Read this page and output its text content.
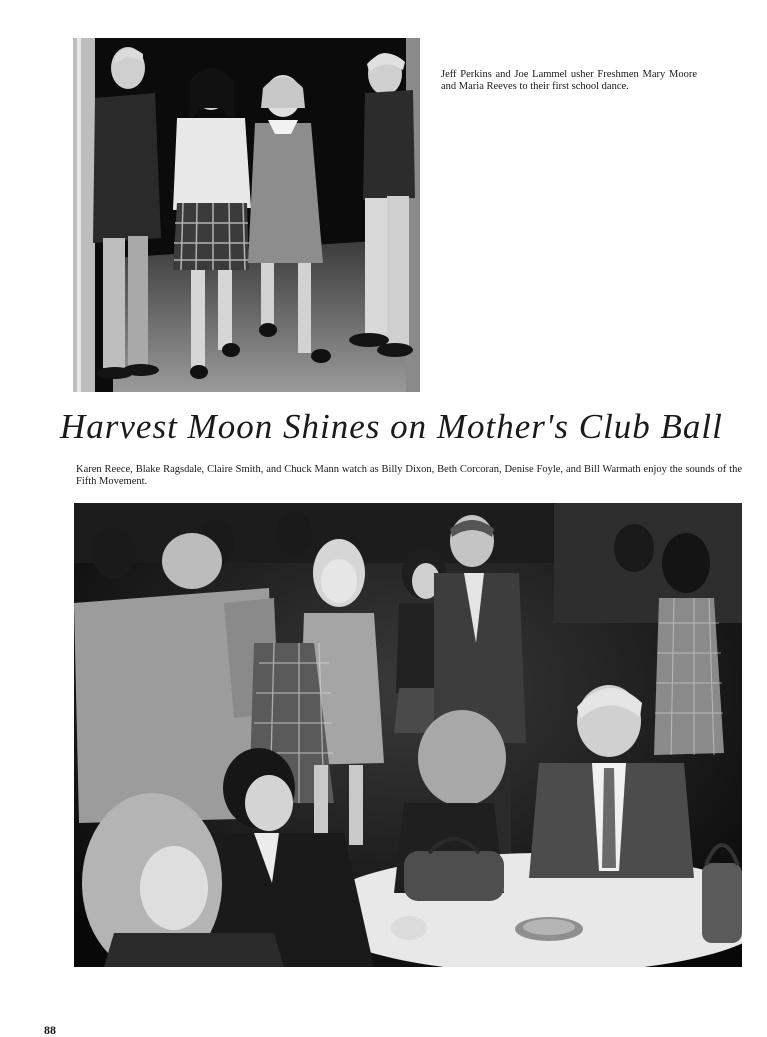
Jeff Perkins and Joe Lammel usher Freshmen Mary Moore and Maria Reeves to their first school dance.

Harvest Moon Shines on Mother's Club Ball

Karen Reece, Blake Ragsdale, Claire Smith, and Chuck Mann watch as Billy Dixon, Beth Corcoran, Denise Foyle, and Bill Warmath enjoy the sounds of the Fifth Movement.

88
